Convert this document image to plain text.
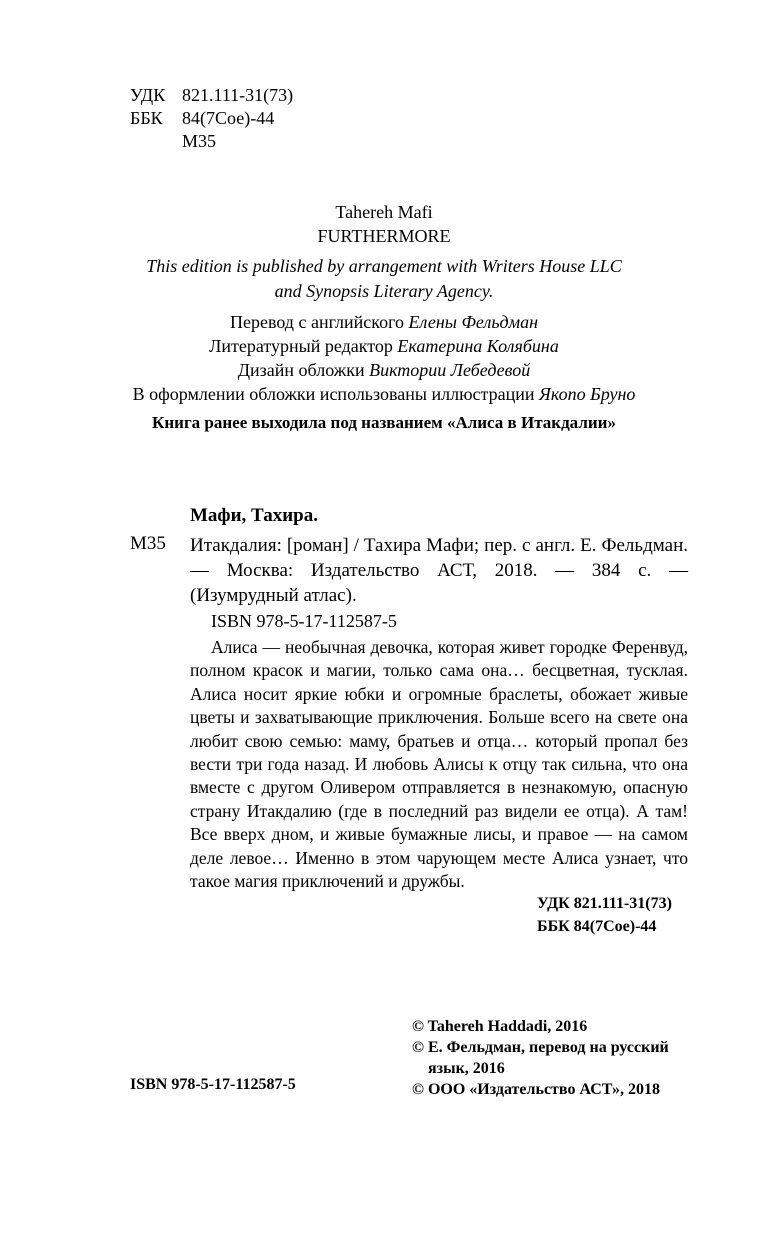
УДК 821.111-31(73)
ББК	84(7Сое)-44
М35
Tahereh Mafi
FURTHERMORE
This edition is published by arrangement with Writers House LLC
and Synopsis Literary Agency.
Перевод с английского Елены Фельдман
Литературный редактор Екатерина Колябина
Дизайн обложки Виктории Лебедевой
В оформлении обложки использованы иллюстрации Якопо Бруно
Книга ранее выходила под названием «Алиса в Итакдалии»
Мафи, Тахира.
М35 Итакдалия: [роман] / Тахира Мафи; пер. с англ. Е. Фельдман. — Москва: Издательство АСТ, 2018. — 384 с. — (Изумрудный атлас).
ISBN 978-5-17-112587-5
Алиса — необычная девочка, которая живет городке Ференвуд, полном красок и магии, только сама она… бесцветная, тусклая. Алиса носит яркие юбки и огромные браслеты, обожает живые цветы и захватывающие приключения. Больше всего на свете она любит свою семью: маму, братьев и отца… который пропал без вести три года назад. И любовь Алисы к отцу так сильна, что она вместе с другом Оливером отправляется в незнакомую, опасную страну Итакдалию (где в последний раз видели ее отца). А там! Все вверх дном, и живые бумажные лисы, и правое — на самом деле левое… Именно в этом чарующем месте Алиса узнает, что такое магия приключений и дружбы.
УДК 821.111-31(73)
ББК 84(7Сое)-44
ISBN 978-5-17-112587-5
© Tahereh Haddadi, 2016
© Е. Фельдман, перевод на русский язык, 2016
© ООО «Издательство АСТ», 2018
